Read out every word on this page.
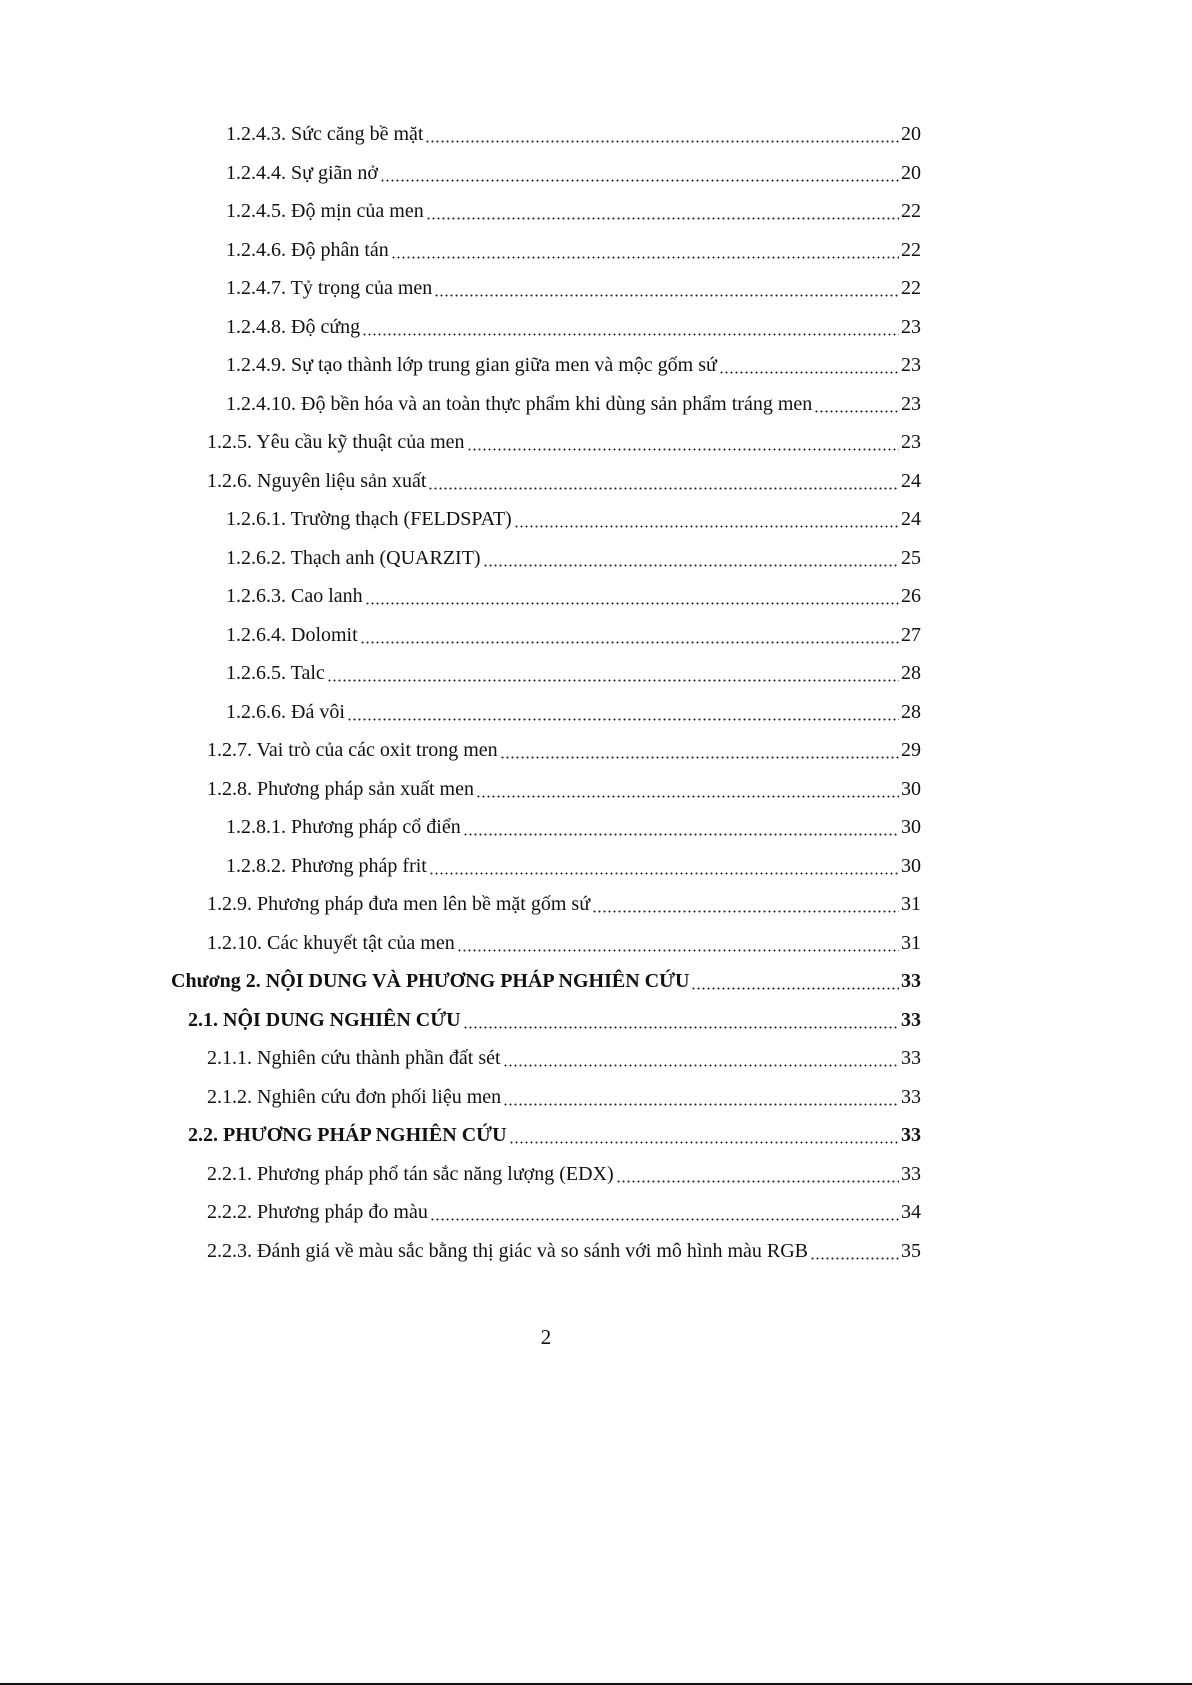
1.2.4.3. Sức căng bề mặt	20
1.2.4.4. Sự giãn nở	20
1.2.4.5. Độ mịn của men	22
1.2.4.6. Độ phân tán	22
1.2.4.7. Tỷ trọng của men	22
1.2.4.8. Độ cứng	23
1.2.4.9. Sự tạo thành lớp trung gian giữa men và mộc gốm sứ	23
1.2.4.10. Độ bền hóa và an toàn thực phẩm khi dùng sản phẩm tráng men	23
1.2.5. Yêu cầu kỹ thuật của men	23
1.2.6. Nguyên liệu sản xuất	24
1.2.6.1. Trường thạch (FELDSPAT)	24
1.2.6.2. Thạch anh (QUARZIT)	25
1.2.6.3. Cao lanh	26
1.2.6.4. Dolomit	27
1.2.6.5. Talc	28
1.2.6.6. Đá vôi	28
1.2.7. Vai trò của các oxit trong men	29
1.2.8. Phương pháp sản xuất men	30
1.2.8.1. Phương pháp cổ điển	30
1.2.8.2. Phương pháp frit	30
1.2.9. Phương pháp đưa men lên bề mặt gốm sứ	31
1.2.10. Các khuyết tật của men	31
Chương 2. NỘI DUNG VÀ PHƯƠNG PHÁP NGHIÊN CỨU	33
2.1. NỘI DUNG NGHIÊN CỨU	33
2.1.1. Nghiên cứu thành phần đất sét	33
2.1.2. Nghiên cứu đơn phối liệu men	33
2.2. PHƯƠNG PHÁP NGHIÊN CỨU	33
2.2.1. Phương pháp phổ tán sắc năng lượng (EDX)	33
2.2.2. Phương pháp đo màu	34
2.2.3. Đánh giá về màu sắc bằng thị giác và so sánh với mô hình màu RGB	35
2
